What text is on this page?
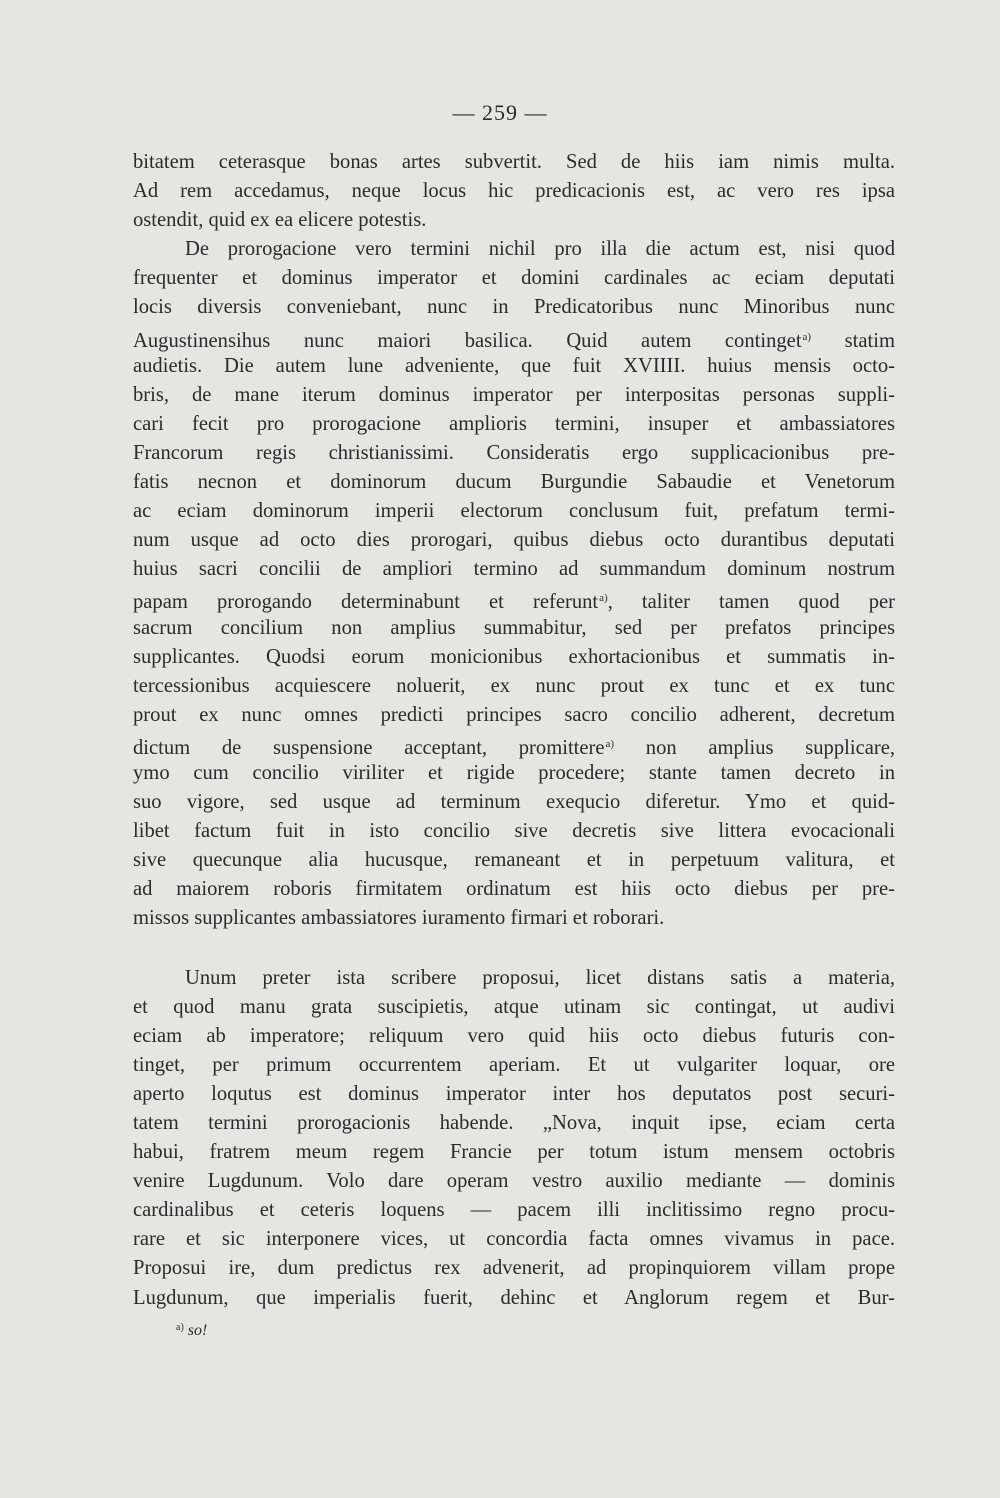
— 259 —
bitatem ceterasque bonas artes subvertit. Sed de hiis iam nimis multa.
Ad rem accedamus, neque locus hic predicacionis est, ac vero res ipsa
ostendit, quid ex ea elicere potestis.
De prorogacione vero termini nichil pro illa die actum est, nisi quod
frequenter et dominus imperator et domini cardinales ac eciam deputati
locis diversis conveniebant, nunc in Predicatoribus nunc Minoribus nunc
Augustinensihus nunc maiori basilica. Quid autem continget$^{a)}$ statim
audietis. Die autem lune adveniente, que fuit XVIIII. huius mensis octo-
bris, de mane iterum dominus imperator per interpositas personas suppli-
cari fecit pro prorogacione amplioris termini, insuper et ambassiatores
Francorum regis christianissimi. Consideratis ergo supplicacionibus pre-
fatis necnon et dominorum ducum Burgundie Sabaudie et Venetorum
ac eciam dominorum imperii electorum conclusum fuit, prefatum termi-
num usque ad octo dies prorogari, quibus diebus octo durantibus deputati
huius sacri concilii de ampliori termino ad summandum dominum nostrum
papam prorogando determinabunt et referunt$^{a)}$, taliter tamen quod per
sacrum concilium non amplius summabitur, sed per prefatos principes
supplicantes. Quodsi eorum monicionibus exhortacionibus et summatis in-
tercessionibus acquiescere noluerit, ex nunc prout ex tunc et ex tunc
prout ex nunc omnes predicti principes sacro concilio adherent, decretum
dictum de suspensione acceptant, promittere$^{a)}$ non amplius supplicare,
ymo cum concilio viriliter et rigide procedere; stante tamen decreto in
suo vigore, sed usque ad terminum exequcio diferetur. Ymo et quid-
libet factum fuit in isto concilio sive decretis sive littera evocacionali
sive quecunque alia hucusque, remaneant et in perpetuum valitura, et
ad maiorem roboris firmitatem ordinatum est hiis octo diebus per pre-
missos supplicantes ambassiatores iuramento firmari et roborari.
Unum preter ista scribere proposui, licet distans satis a materia,
et quod manu grata suscipietis, atque utinam sic contingat, ut audivi
eciam ab imperatore; reliquum vero quid hiis octo diebus futuris con-
tinget, per primum occurrentem aperiam. Et ut vulgariter loquar, ore
aperto loqutus est dominus imperator inter hos deputatos post securi-
tatem termini prorogacionis habende. „Nova, inquit ipse, eciam certa
habui, fratrem meum regem Francie per totum istum mensem octobris
venire Lugdunum. Volo dare operam vestro auxilio mediante — dominis
cardinalibus et ceteris loquens — pacem illi inclitissimo regno procu-
rare et sic interponere vices, ut concordia facta omnes vivamus in pace.
Proposui ire, dum predictus rex advenerit, ad propinquiorem villam prope
Lugdunum, que imperialis fuerit, dehinc et Anglorum regem et Bur-
$^{a)}$ so!
